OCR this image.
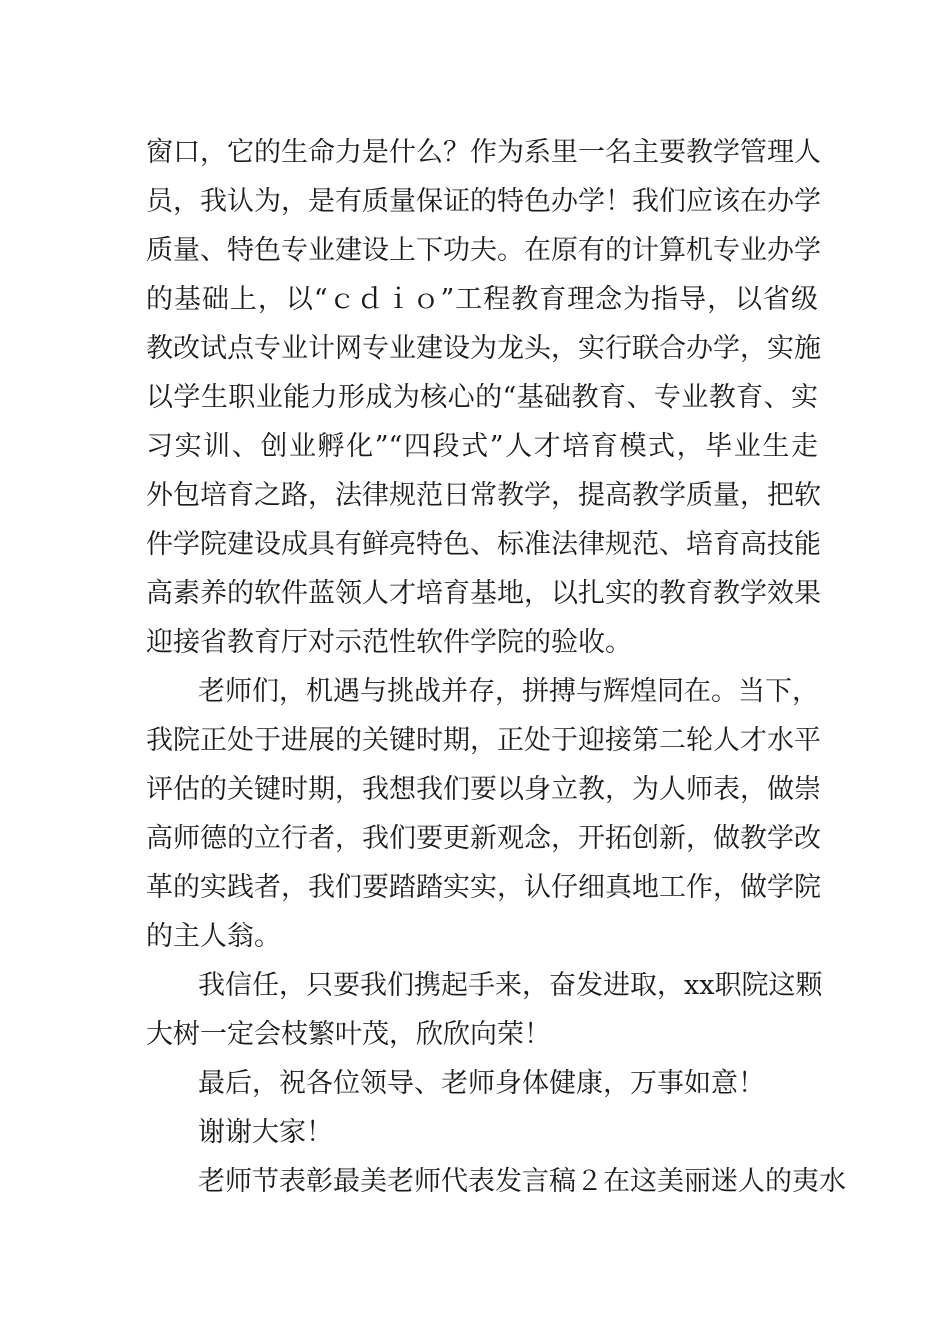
窗口，它的生命力是什么？作为系里一名主要教学管理人
员，我认为，是有质量保证的特色办学！我们应该在办学
质量、特色专业建设上下功夫。在原有的计算机专业办学
的基础上，以“ｃｄｉｏ”工程教育理念为指导，以省级
教改试点专业计网专业建设为龙头，实行联合办学，实施
以学生职业能力形成为核心的“基础教育、专业教育、实
习实训、创业孵化”“四段式”人才培育模式，毕业生走
外包培育之路，法律规范日常教学，提高教学质量，把软
件学院建设成具有鲜亮特色、标准法律规范、培育高技能
高素养的软件蓝领人才培育基地，以扎实的教育教学效果
迎接省教育厅对示范性软件学院的验收。
老师们，机遇与挑战并存，拼搏与辉煌同在。当下，
我院正处于进展的关键时期，正处于迎接第二轮人才水平
评估的关键时期，我想我们要以身立教，为人师表，做崇
高师德的立行者，我们要更新观念，开拓创新，做教学改
革的实践者，我们要踏踏实实，认仔细真地工作，做学院
的主人翁。
我信任，只要我们携起手来，奋发进取，xx职院这颗
大树一定会枝繁叶茂，欣欣向荣！
最后，祝各位领导、老师身体健康，万事如意！
谢谢大家！
老师节表彰最美老师代表发言稿２在这美丽迷人的夷水
